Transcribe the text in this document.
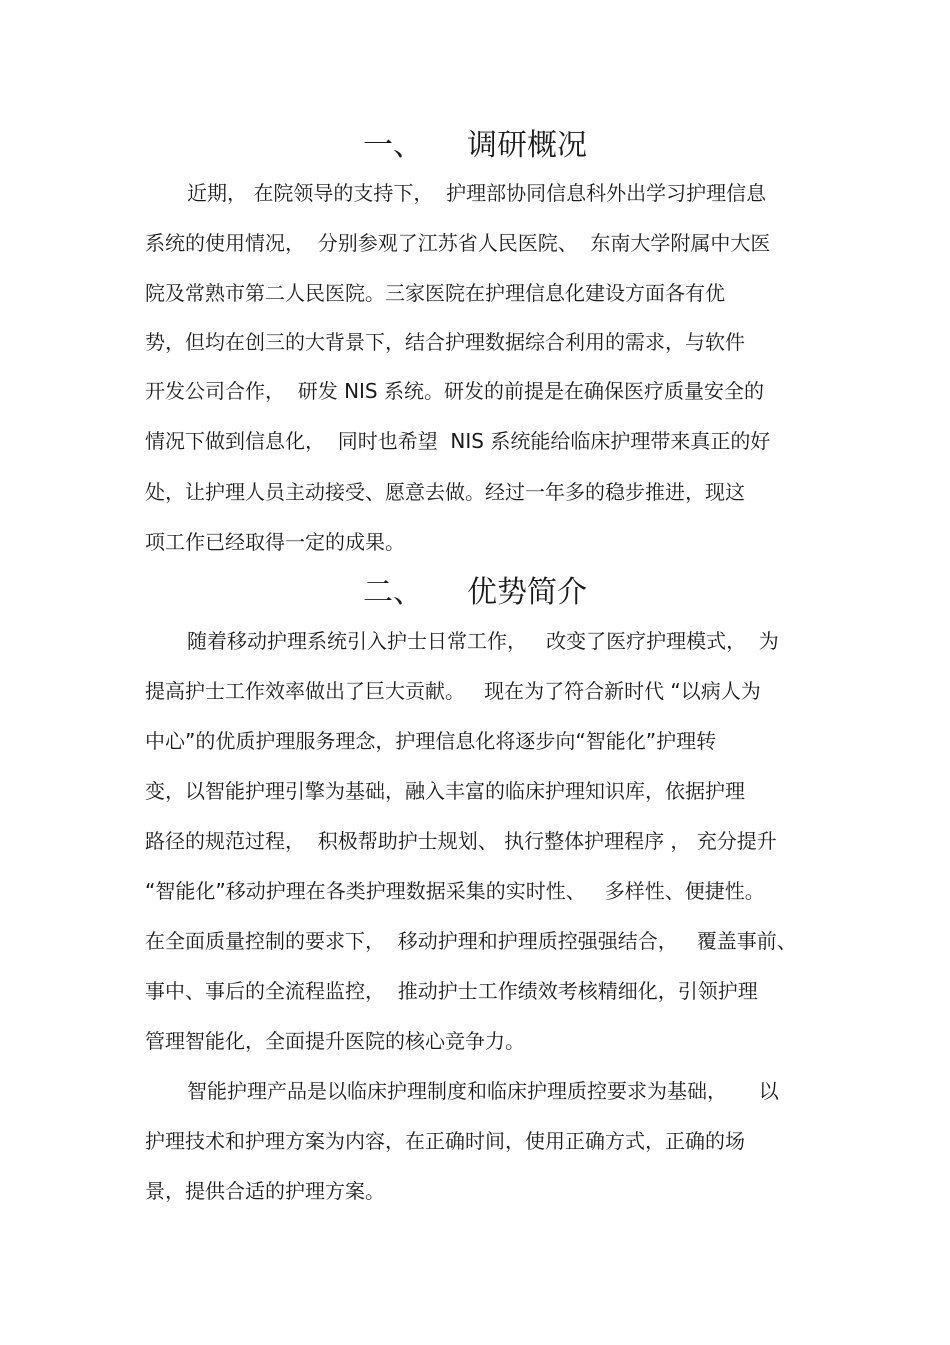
一、 调研概况

近期， 在院领导的支持下，  护理部协同信息科外出学习护理信息

系统的使用情况，  分别参观了江苏省人民医院、  东南大学附属中大医

院及常熟市第二人民医院。三家医院在护理信息化建设方面各有优

势，但均在创三的大背景下，结合护理数据综合利用的需求，与软件

开发公司合作，  研发 NIS 系统。研发的前提是在确保医疗质量安全的

情况下做到信息化，  同时也希望  NIS 系统能给临床护理带来真正的好

处，让护理人员主动接受、愿意去做。经过一年多的稳步推进，现这

项工作已经取得一定的成果。

二、 优势简介

随着移动护理系统引入护士日常工作，   改变了医疗护理模式，  为

提高护士工作效率做出了巨大贡献。   现在为了符合新时代 “以病人为

中心”的优质护理服务理念，护理信息化将逐步向“智能化”护理转

变，以智能护理引擎为基础，融入丰富的临床护理知识库，依据护理

路径的规范过程，  积极帮助护士规划、 执行整体护理程序 ， 充分提升

“智能化”移动护理在各类护理数据采集的实时性、   多样性、便捷性。

在全面质量控制的要求下，  移动护理和护理质控强强结合，   覆盖事前、

事中、事后的全流程监控，  推动护士工作绩效考核精细化，引领护理

管理智能化，全面提升医院的核心竞争力。

智能护理产品是以临床护理制度和临床护理质控要求为基础，     以

护理技术和护理方案为内容，在正确时间，使用正确方式，正确的场

景，提供合适的护理方案。
